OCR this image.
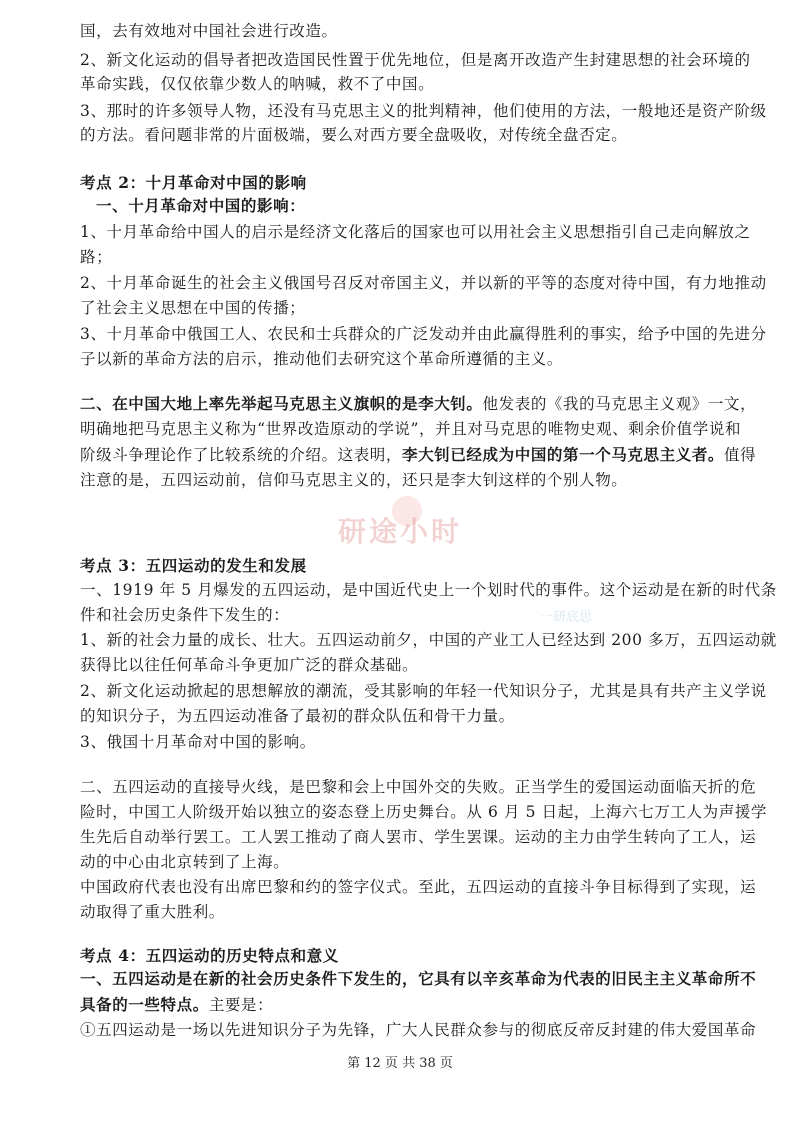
国，去有效地对中国社会进行改造。
2、新文化运动的倡导者把改造国民性置于优先地位，但是离开改造产生封建思想的社会环境的
革命实践，仅仅依靠少数人的呐喊，救不了中国。
3、那时的许多领导人物，还没有马克思主义的批判精神，他们使用的方法，一般地还是资产阶级
的方法。看问题非常的片面极端，要么对西方要全盘吸收，对传统全盘否定。
考点 2：十月革命对中国的影响
一、十月革命对中国的影响：
1、十月革命给中国人的启示是经济文化落后的国家也可以用社会主义思想指引自己走向解放之
路；
2、十月革命诞生的社会主义俄国号召反对帝国主义，并以新的平等的态度对待中国，有力地推动
了社会主义思想在中国的传播；
3、十月革命中俄国工人、农民和士兵群众的广泛发动并由此赢得胜利的事实，给予中国的先进分
子以新的革命方法的启示，推动他们去研究这个革命所遵循的主义。
二、在中国大地上率先举起马克思主义旗帜的是李大钊。他发表的《我的马克思主义观》一文，
明确地把马克思主义称为“世界改造原动的学说”，并且对马克思的唯物史观、剩余价值学说和
阶级斗争理论作了比较系统的介绍。这表明，李大钊已经成为中国的第一个马克思主义者。值得
注意的是，五四运动前，信仰马克思主义的，还只是李大钊这样的个别人物。
研途小时
考点 3：五四运动的发生和发展
一、1919 年 5 月爆发的五四运动，是中国近代史上一个划时代的事件。这个运动是在新的时代条
件和社会历史条件下发生的：
1、新的社会力量的成长、壮大。五四运动前夕，中国的产业工人已经达到 200 多万，五四运动就
获得比以往任何革命斗争更加广泛的群众基础。
2、新文化运动掀起的思想解放的潮流，受其影响的年轻一代知识分子，尤其是具有共产主义学说
的知识分子，为五四运动准备了最初的群众队伍和骨干力量。
3、俄国十月革命对中国的影响。
一研底思
二、五四运动的直接导火线，是巴黎和会上中国外交的失败。正当学生的爱国运动面临天折的危
险时，中国工人阶级开始以独立的姿态登上历史舞台。从 6 月 5 日起，上海六七万工人为声援学
生先后自动举行罢工。工人罢工推动了商人罢市、学生罢课。运动的主力由学生转向了工人，运
动的中心由北京转到了上海。
中国政府代表也没有出席巴黎和约的签字仪式。至此，五四运动的直接斗争目标得到了实现，运
动取得了重大胜利。
考点 4：五四运动的历史特点和意义
一、五四运动是在新的社会历史条件下发生的，它具有以辛亥革命为代表的旧民主主义革命所不
具备的一些特点。主要是：
①五四运动是一场以先进知识分子为先锋，广大人民群众参与的彻底反帝反封建的伟大爱国革命
第 12 页 共 38 页
